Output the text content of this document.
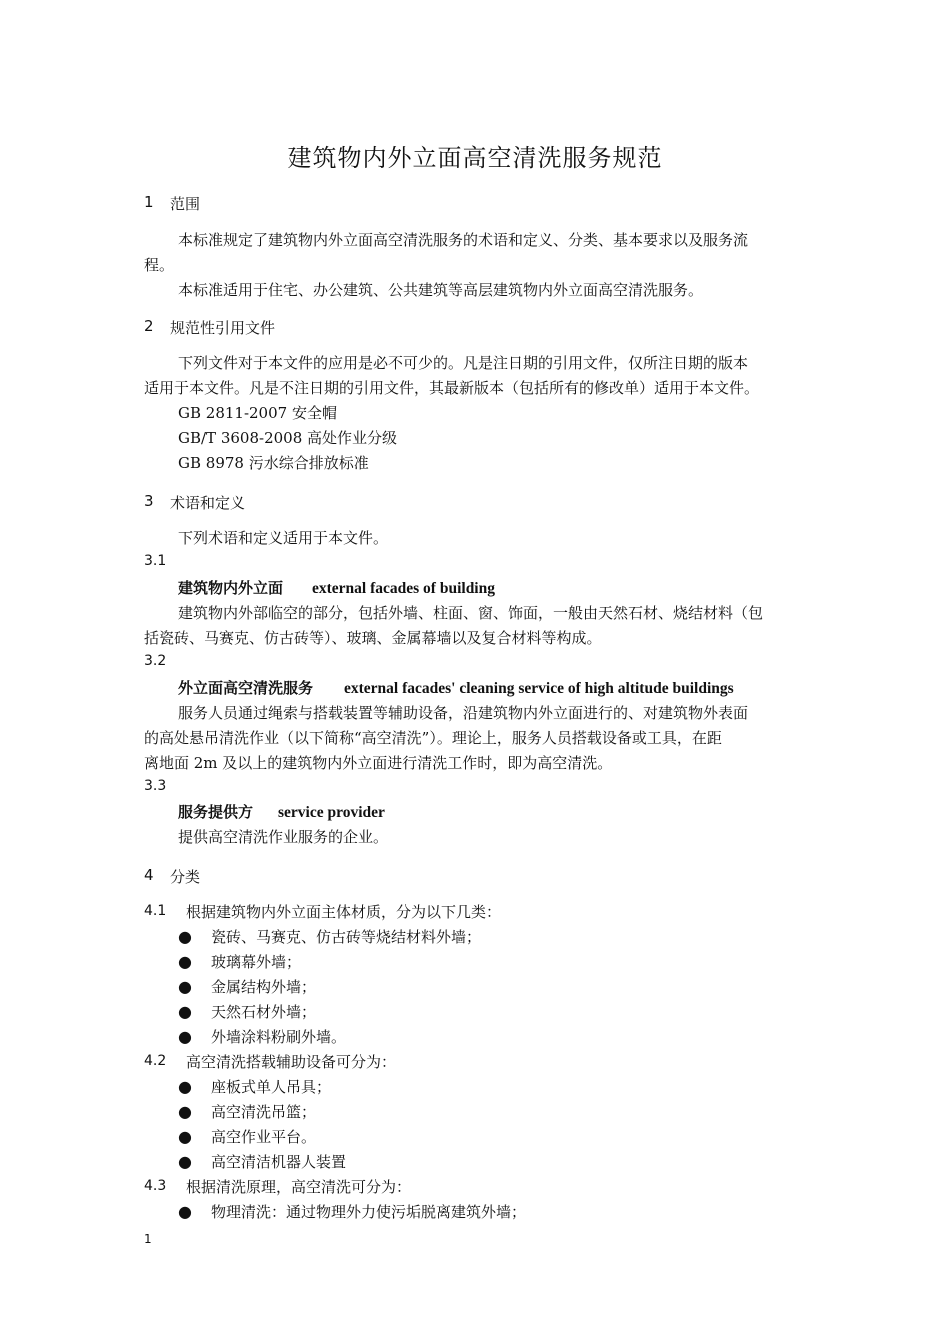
建筑物内外立面高空清洗服务规范
1 范围
本标准规定了建筑物内外立面高空清洗服务的术语和定义、分类、基本要求以及服务流
程。
本标准适用于住宅、办公建筑、公共建筑等高层建筑物内外立面高空清洗服务。
2 规范性引用文件
下列文件对于本文件的应用是必不可少的。凡是注日期的引用文件，仅所注日期的版本
适用于本文件。凡是不注日期的引用文件，其最新版本（包括所有的修改单）适用于本文件。
GB 2811-2007 安全帽
GB/T 3608-2008 高处作业分级
GB 8978 污水综合排放标准
3 术语和定义
下列术语和定义适用于本文件。
3.1
建筑物内外立面 external facades of building
建筑物内外部临空的部分，包括外墙、柱面、窗、饰面，一般由天然石材、烧结材料（包
括瓷砖、马赛克、仿古砖等）、玻璃、金属幕墙以及复合材料等构成。
3.2
外立面高空清洗服务 external facades' cleaning service of high altitude buildings
服务人员通过绳索与搭载装置等辅助设备，沿建筑物内外立面进行的、对建筑物外表面
的高处悬吊清洗作业（以下简称“高空清洗”）。理论上，服务人员搭载设备或工具，在距
离地面 2m 及以上的建筑物内外立面进行清洗工作时，即为高空清洗。
3.3
服务提供方 service provider
提供高空清洗作业服务的企业。
4 分类
4.1 根据建筑物内外立面主体材质，分为以下几类：
● 瓷砖、马赛克、仿古砖等烧结材料外墙；
● 玻璃幕外墙；
● 金属结构外墙；
● 天然石材外墙；
● 外墙涂料粉刷外墙。
4.2 高空清洗搭载辅助设备可分为：
● 座板式单人吊具；
● 高空清洗吊篮；
● 高空作业平台。
● 高空清洁机器人装置
4.3 根据清洗原理，高空清洗可分为：
● 物理清洗：通过物理外力使污垢脱离建筑外墙；
1
